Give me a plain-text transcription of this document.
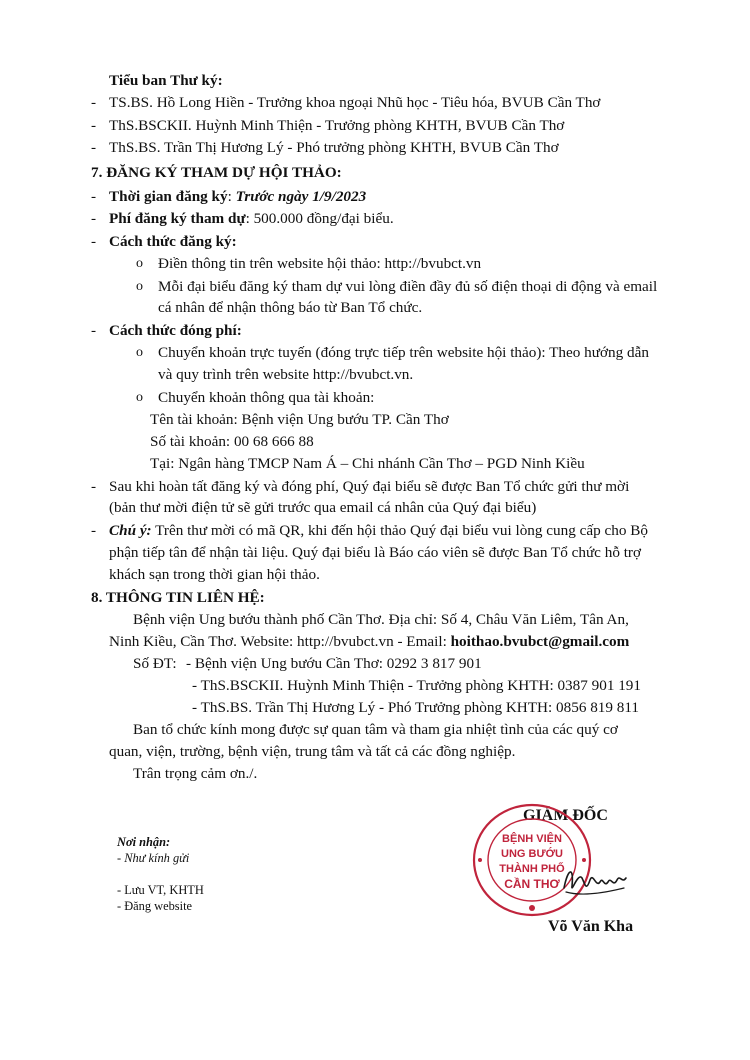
Tiểu ban Thư ký:
- TS.BS. Hồ Long Hiền - Trưởng khoa ngoại Nhũ học - Tiêu hóa, BVUB Cần Thơ
- ThS.BSCKII. Huỳnh Minh Thiện - Trưởng phòng KHTH, BVUB Cần Thơ
- ThS.BS. Trần Thị Hương Lý - Phó trưởng phòng KHTH, BVUB Cần Thơ
7. ĐĂNG KÝ THAM DỰ HỘI THẢO:
- Thời gian đăng ký: Trước ngày 1/9/2023
- Phí đăng ký tham dự: 500.000 đồng/đại biểu.
- Cách thức đăng ký:
o Điền thông tin trên website hội thảo: http://bvubct.vn
o Mỗi đại biểu đăng ký tham dự vui lòng điền đầy đủ số điện thoại di động và email
cá nhân để nhận thông báo từ Ban Tổ chức.
- Cách thức đóng phí:
o Chuyển khoản trực tuyến (đóng trực tiếp trên website hội thảo): Theo hướng dẫn
và quy trình trên website http://bvubct.vn.
o Chuyển khoản thông qua tài khoản:
Tên tài khoản: Bệnh viện Ung bướu TP. Cần Thơ
Số tài khoản: 00 68 666 88
Tại: Ngân hàng TMCP Nam Á – Chi nhánh Cần Thơ – PGD Ninh Kiều
- Sau khi hoàn tất đăng ký và đóng phí, Quý đại biểu sẽ được Ban Tổ chức gửi thư mời
(bản thư mời điện tử sẽ gửi trước qua email cá nhân của Quý đại biểu)
- Chú ý: Trên thư mời có mã QR, khi đến hội thảo Quý đại biểu vui lòng cung cấp cho Bộ
phận tiếp tân để nhận tài liệu. Quý đại biểu là Báo cáo viên sẽ được Ban Tổ chức hỗ trợ
khách sạn trong thời gian hội thảo.
8. THÔNG TIN LIÊN HỆ:
Bệnh viện Ung bướu thành phố Cần Thơ. Địa chỉ: Số 4, Châu Văn Liêm, Tân An,
Ninh Kiều, Cần Thơ. Website: http://bvubct.vn - Email: hoithao.bvubct@gmail.com
Số ĐT: - Bệnh viện Ung bướu Cần Thơ: 0292 3 817 901
- ThS.BSCKII. Huỳnh Minh Thiện - Trưởng phòng KHTH: 0387 901 191
- ThS.BS. Trần Thị Hương Lý - Phó Trưởng phòng KHTH: 0856 819 811
Ban tổ chức kính mong được sự quan tâm và tham gia nhiệt tình của các quý cơ
quan, viện, trường, bệnh viện, trung tâm và tất cả các đồng nghiệp.
Trân trọng cảm ơn./.
Nơi nhận:
- Như kính gửi
- Lưu VT, KHTH
- Đăng website
GIÁM ĐỐC
BỆNH VIỆN
UNG BƯỚU
THÀNH PHỐ
CẦN THƠ
Võ Văn Kha
